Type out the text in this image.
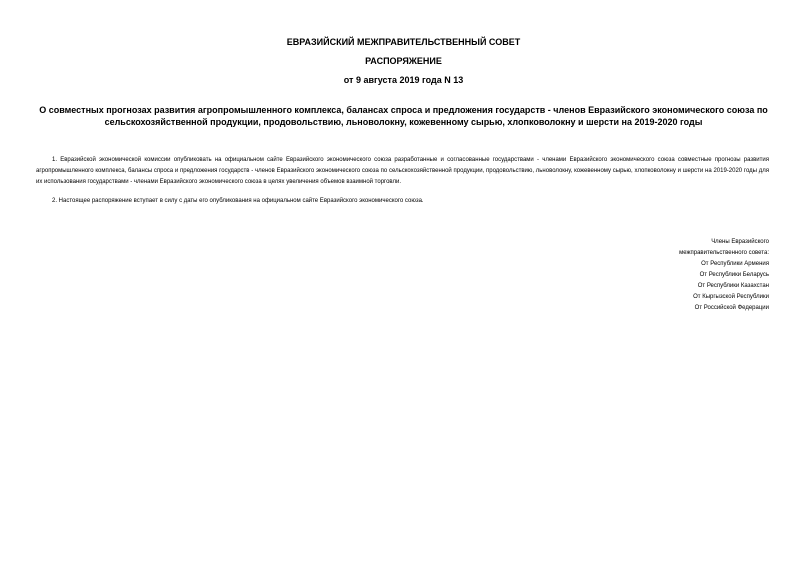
ЕВРАЗИЙСКИЙ МЕЖПРАВИТЕЛЬСТВЕННЫЙ СОВЕТ
РАСПОРЯЖЕНИЕ
от 9 августа 2019 года N 13
О совместных прогнозах развития агропромышленного комплекса, балансах спроса и предложения государств - членов Евразийского экономического союза по сельскохозяйственной продукции, продовольствию, льноволокну, кожевенному сырью, хлопковолокну и шерсти на 2019-2020 годы
1. Евразийской экономической комиссии опубликовать на официальном сайте Евразийского экономического союза разработанные и согласованные государствами - членами Евразийского экономического союза совместные прогнозы развития агропромышленного комплекса, балансы спроса и предложения государств - членов Евразийского экономического союза по сельскохозяйственной продукции, продовольствию, льноволокну, кожевенному сырью, хлопковолокну и шерсти на 2019-2020 годы для их использования государствами - членами Евразийского экономического союза в целях увеличения объемов взаимной торговли.
2. Настоящее распоряжение вступает в силу с даты его опубликования на официальном сайте Евразийского экономического союза.
Члены Евразийского
межправительственного совета:
От Республики Армения
От Республики Беларусь
От Республики Казахстан
От Кыргызской Республики
От Российской Федерации
